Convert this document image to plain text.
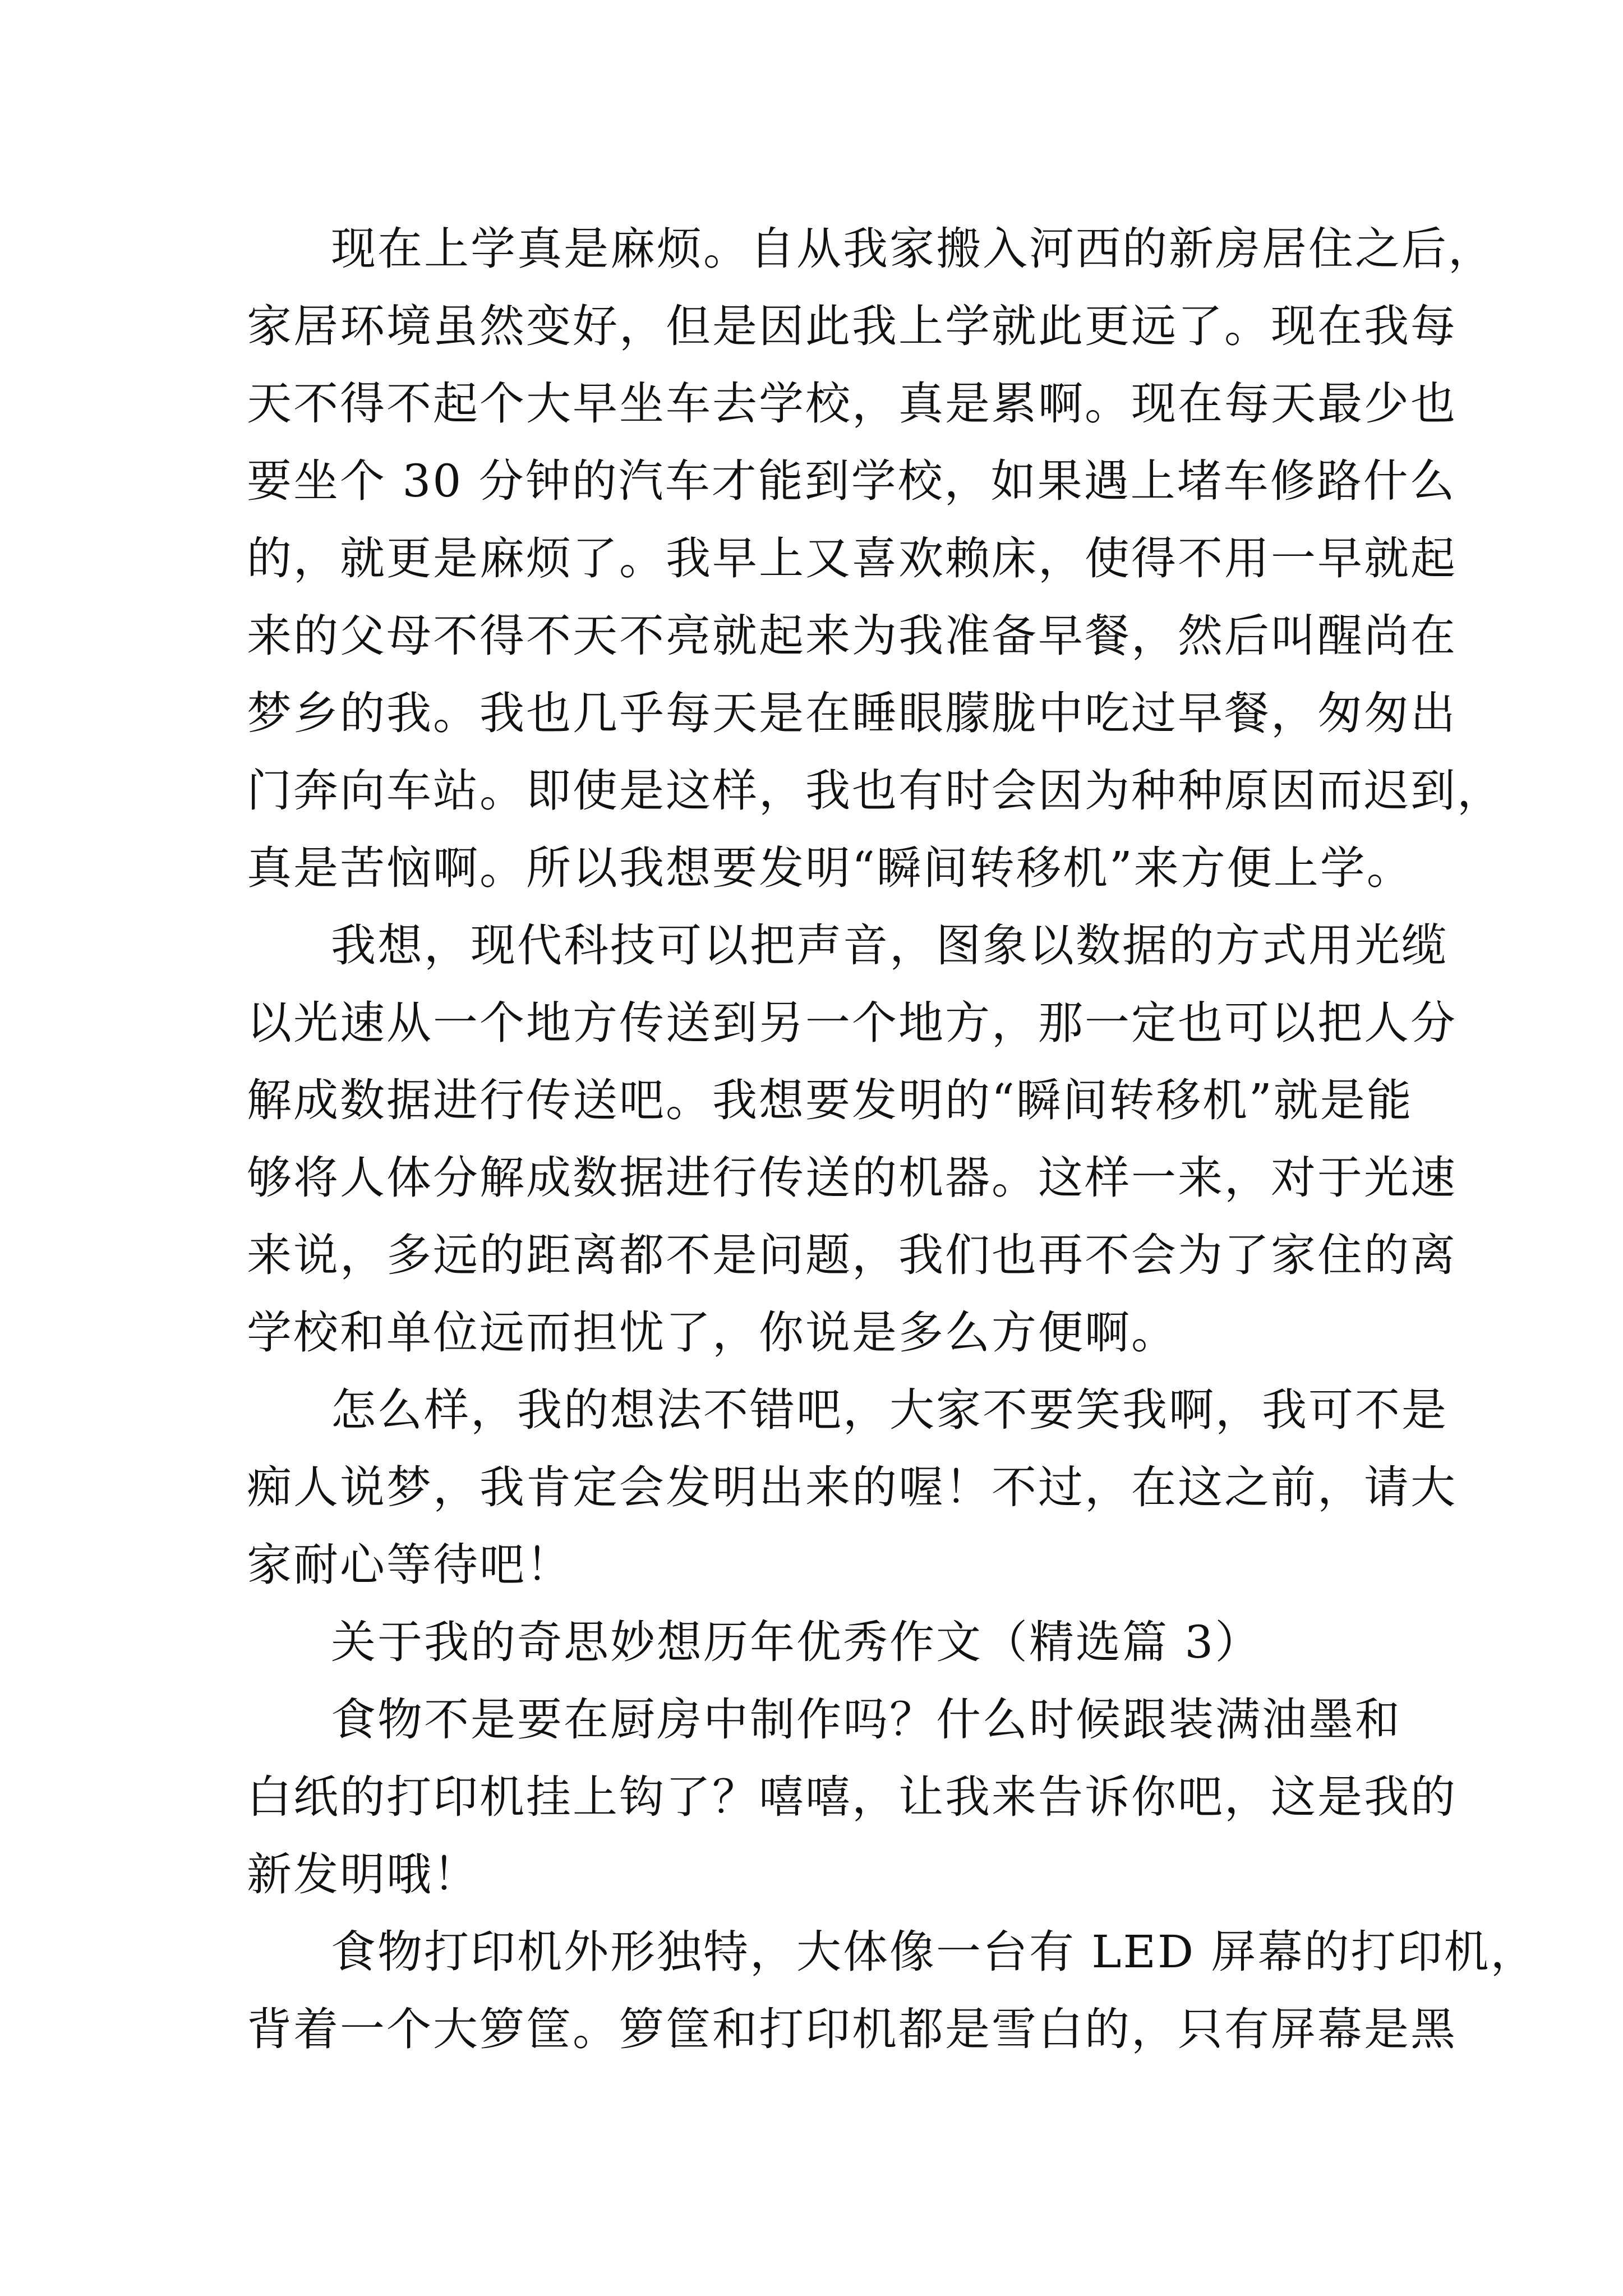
现在上学真是麻烦。自从我家搬入河西的新房居住之后，
家居环境虽然变好，但是因此我上学就此更远了。现在我每
天不得不起个大早坐车去学校，真是累啊。现在每天最少也
要坐个 30 分钟的汽车才能到学校，如果遇上堵车修路什么
的，就更是麻烦了。我早上又喜欢赖床，使得不用一早就起
来的父母不得不天不亮就起来为我准备早餐，然后叫醒尚在
梦乡的我。我也几乎每天是在睡眼朦胧中吃过早餐，匆匆出
门奔向车站。即使是这样，我也有时会因为种种原因而迟到，
真是苦恼啊。所以我想要发明“瞬间转移机”来方便上学。
我想，现代科技可以把声音，图象以数据的方式用光缆
以光速从一个地方传送到另一个地方，那一定也可以把人分
解成数据进行传送吧。我想要发明的“瞬间转移机”就是能
够将人体分解成数据进行传送的机器。这样一来，对于光速
来说，多远的距离都不是问题，我们也再不会为了家住的离
学校和单位远而担忧了，你说是多么方便啊。
怎么样，我的想法不错吧，大家不要笑我啊，我可不是
痴人说梦，我肯定会发明出来的喔！不过，在这之前，请大
家耐心等待吧！
关于我的奇思妙想历年优秀作文（精选篇 3）
食物不是要在厨房中制作吗？什么时候跟装满油墨和
白纸的打印机挂上钩了？嘻嘻，让我来告诉你吧，这是我的
新发明哦！
食物打印机外形独特，大体像一台有 LED 屏幕的打印机，
背着一个大箩筐。箩筐和打印机都是雪白的，只有屏幕是黑
